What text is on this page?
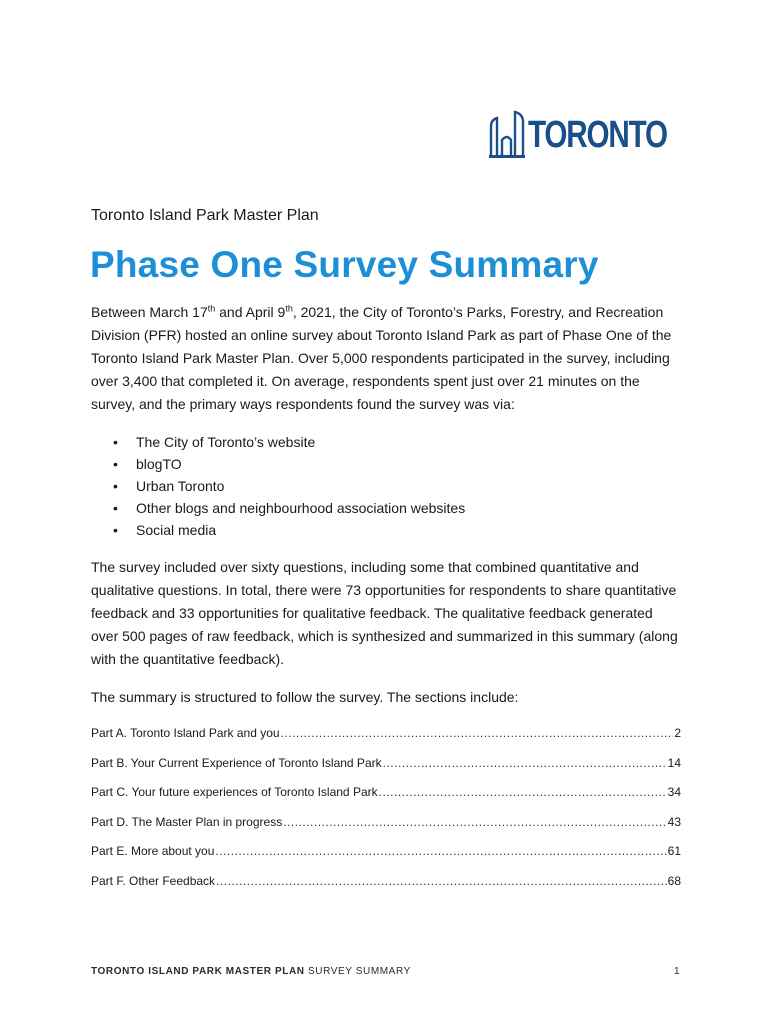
TORONTO
Toronto Island Park Master Plan
Phase One Survey Summary

Between March 17th and April 9th, 2021, the City of Toronto’s Parks, Forestry, and Recreation Division (PFR) hosted an online survey about Toronto Island Park as part of Phase One of the Toronto Island Park Master Plan. Over 5,000 respondents participated in the survey, including over 3,400 that completed it. On average, respondents spent just over 21 minutes on the survey, and the primary ways respondents found the survey was via:

• The City of Toronto’s website
• blogTO
• Urban Toronto
• Other blogs and neighbourhood association websites
• Social media

The survey included over sixty questions, including some that combined quantitative and qualitative questions. In total, there were 73 opportunities for respondents to share quantitative feedback and 33 opportunities for qualitative feedback. The qualitative feedback generated over 500 pages of raw feedback, which is synthesized and summarized in this summary (along with the quantitative feedback).

The summary is structured to follow the survey. The sections include:

Part A. Toronto Island Park and you .....	2
Part B. Your Current Experience of Toronto Island Park .....	14
Part C. Your future experiences of Toronto Island Park .....	34
Part D. The Master Plan in progress .....	43
Part E. More about you .....	61
Part F. Other Feedback .....	68
TORONTO ISLAND PARK MASTER PLAN SURVEY SUMMARY	1
